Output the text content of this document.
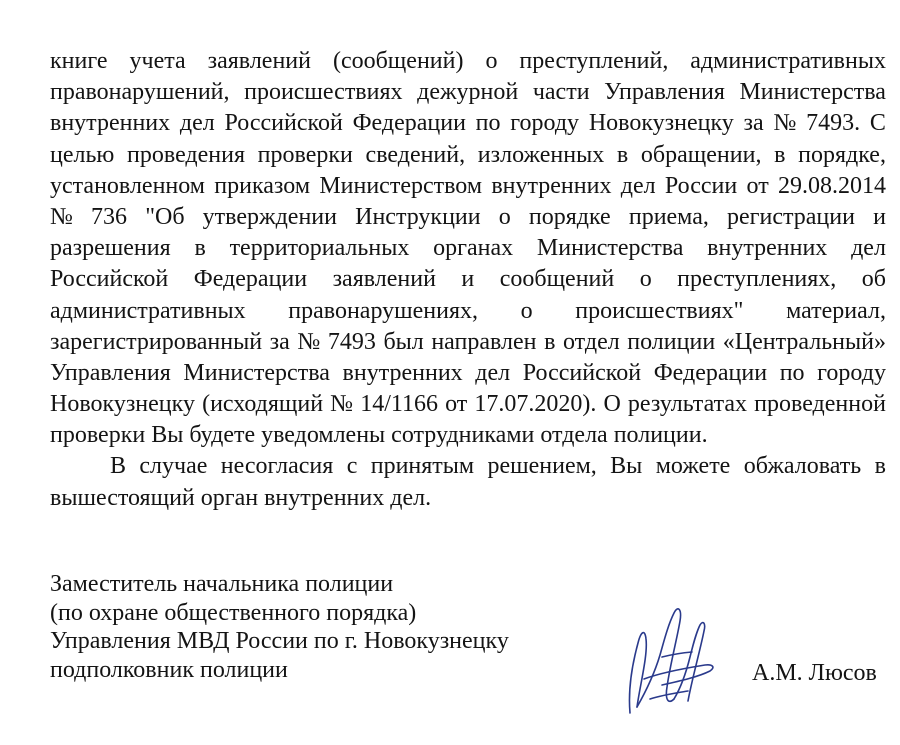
книге учета заявлений (сообщений) о преступлений, административных
правонарушений, происшествиях дежурной части Управления Министерства
внутренних дел Российской Федерации по городу Новокузнецку за № 7493. С
целью проведения проверки сведений, изложенных в обращении, в порядке,
установленном приказом Министерством внутренних дел России от 29.08.2014
№ 736 "Об утверждении Инструкции о порядке приема, регистрации и
разрешения в территориальных органах Министерства внутренних дел
Российской Федерации заявлений и сообщений о преступлениях, об
административных правонарушениях, о происшествиях" материал,
зарегистрированный за № 7493 был направлен в отдел полиции «Центральный»
Управления Министерства внутренних дел Российской Федерации по городу
Новокузнецку (исходящий № 14/1166 от 17.07.2020). О результатах проведенной
проверки Вы будете уведомлены сотрудниками отдела полиции.
В случае несогласия с принятым решением, Вы можете обжаловать в
вышестоящий орган внутренних дел.
Заместитель начальника полиции
(по охране общественного порядка)
Управления МВД России по г. Новокузнецку
подполковник полиции	А.М. Люсов
